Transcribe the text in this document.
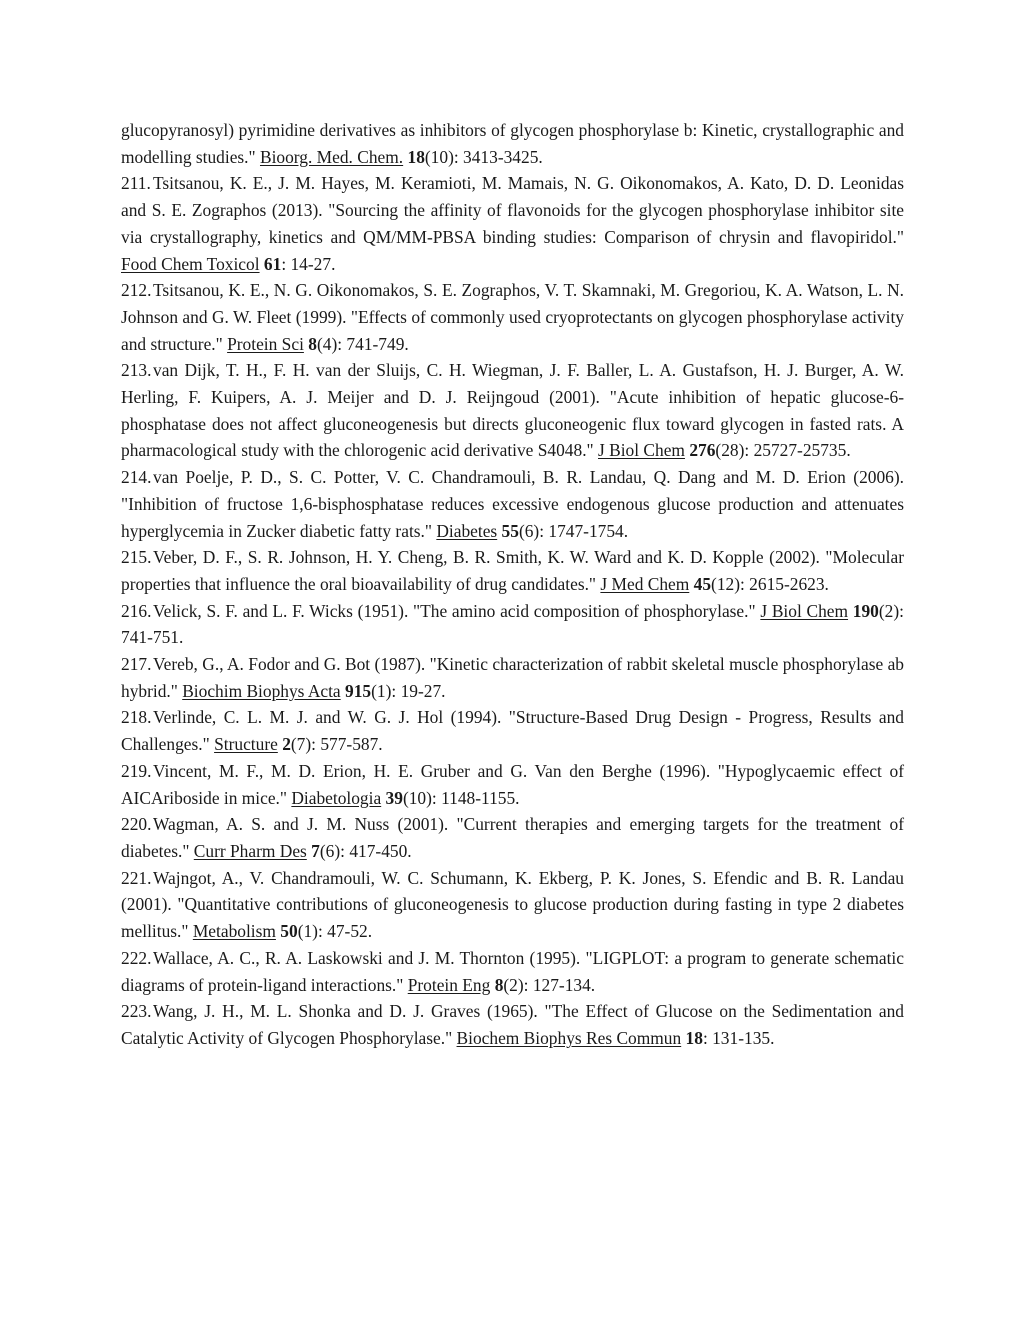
glucopyranosyl) pyrimidine derivatives as inhibitors of glycogen phosphorylase b: Kinetic, crystallographic and modelling studies." Bioorg. Med. Chem. 18(10): 3413-3425.

211. Tsitsanou, K. E., J. M. Hayes, M. Keramioti, M. Mamais, N. G. Oikonomakos, A. Kato, D. D. Leonidas and S. E. Zographos (2013). "Sourcing the affinity of flavonoids for the glycogen phosphorylase inhibitor site via crystallography, kinetics and QM/MM-PBSA binding studies: Comparison of chrysin and flavopiridol." Food Chem Toxicol 61: 14-27.

212.Tsitsanou, K. E., N. G. Oikonomakos, S. E. Zographos, V. T. Skamnaki, M. Gregoriou, K. A. Watson, L. N. Johnson and G. W. Fleet (1999). "Effects of commonly used cryoprotectants on glycogen phosphorylase activity and structure." Protein Sci 8(4): 741-749.

213.van Dijk, T. H., F. H. van der Sluijs, C. H. Wiegman, J. F. Baller, L. A. Gustafson, H. J. Burger, A. W. Herling, F. Kuipers, A. J. Meijer and D. J. Reijngoud (2001). "Acute inhibition of hepatic glucose-6-phosphatase does not affect gluconeogenesis but directs gluconeogenic flux toward glycogen in fasted rats. A pharmacological study with the chlorogenic acid derivative S4048." J Biol Chem 276(28): 25727-25735.

214.van Poelje, P. D., S. C. Potter, V. C. Chandramouli, B. R. Landau, Q. Dang and M. D. Erion (2006). "Inhibition of fructose 1,6-bisphosphatase reduces excessive endogenous glucose production and attenuates hyperglycemia in Zucker diabetic fatty rats." Diabetes 55(6): 1747-1754.

215.Veber, D. F., S. R. Johnson, H. Y. Cheng, B. R. Smith, K. W. Ward and K. D. Kopple (2002). "Molecular properties that influence the oral bioavailability of drug candidates." J Med Chem 45(12): 2615-2623.

216.Velick, S. F. and L. F. Wicks (1951). "The amino acid composition of phosphorylase." J Biol Chem 190(2): 741-751.

217.Vereb, G., A. Fodor and G. Bot (1987). "Kinetic characterization of rabbit skeletal muscle phosphorylase ab hybrid." Biochim Biophys Acta 915(1): 19-27.

218.Verlinde, C. L. M. J. and W. G. J. Hol (1994). "Structure-Based Drug Design - Progress, Results and Challenges." Structure 2(7): 577-587.

219.Vincent, M. F., M. D. Erion, H. E. Gruber and G. Van den Berghe (1996). "Hypoglycaemic effect of AICAriboside in mice." Diabetologia 39(10): 1148-1155.

220.Wagman, A. S. and J. M. Nuss (2001). "Current therapies and emerging targets for the treatment of diabetes." Curr Pharm Des 7(6): 417-450.

221.Wajngot, A., V. Chandramouli, W. C. Schumann, K. Ekberg, P. K. Jones, S. Efendic and B. R. Landau (2001). "Quantitative contributions of gluconeogenesis to glucose production during fasting in type 2 diabetes mellitus." Metabolism 50(1): 47-52.

222.Wallace, A. C., R. A. Laskowski and J. M. Thornton (1995). "LIGPLOT: a program to generate schematic diagrams of protein-ligand interactions." Protein Eng 8(2): 127-134.

223.Wang, J. H., M. L. Shonka and D. J. Graves (1965). "The Effect of Glucose on the Sedimentation and Catalytic Activity of Glycogen Phosphorylase." Biochem Biophys Res Commun 18: 131-135.
